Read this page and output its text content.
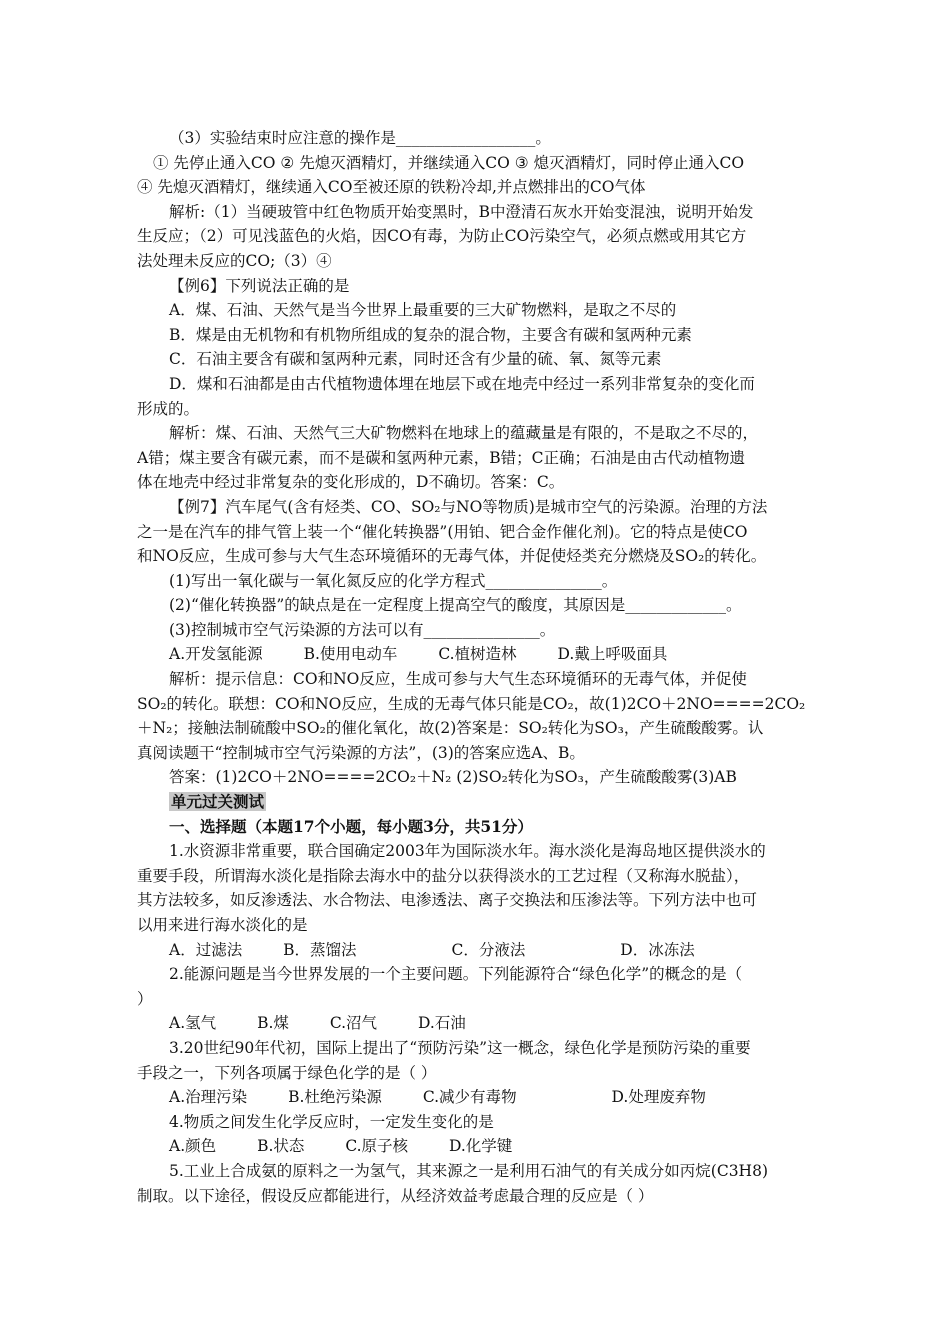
（3）实验结束时应注意的操作是__________________。
① 先停止通入CO ② 先熄灭酒精灯，并继续通入CO ③ 熄灭酒精灯，同时停止通入CO
④ 先熄灭酒精灯，继续通入CO至被还原的铁粉冷却,并点燃排出的CO气体
解析:（1）当硬玻管中红色物质开始变黑时，B中澄清石灰水开始变混浊，说明开始发
生反应；（2）可见浅蓝色的火焰，因CO有毒，为防止CO污染空气，必须点燃或用其它方
法处理未反应的CO;（3）④
【例6】下列说法正确的是
A．煤、石油、天然气是当今世界上最重要的三大矿物燃料，是取之不尽的
B．煤是由无机物和有机物所组成的复杂的混合物，主要含有碳和氢两种元素
C．石油主要含有碳和氢两种元素，同时还含有少量的硫、氧、氮等元素
D．煤和石油都是由古代植物遗体埋在地层下或在地壳中经过一系列非常复杂的变化而
形成的。
解析：煤、石油、天然气三大矿物燃料在地球上的蕴藏量是有限的，不是取之不尽的，
A错；煤主要含有碳元素，而不是碳和氢两种元素，B错；C正确；石油是由古代动植物遗
体在地壳中经过非常复杂的变化形成的，D不确切。答案：C。
【例7】汽车尾气(含有烃类、CO、SO₂与NO等物质)是城市空气的污染源。治理的方法
之一是在汽车的排气管上装一个“催化转换器”(用铂、钯合金作催化剂)。它的特点是使CO
和NO反应，生成可参与大气生态环境循环的无毒气体，并促使烃类充分燃烧及SO₂的转化。
(1)写出一氧化碳与一氧化氮反应的化学方程式_______________。
(2)“催化转换器”的缺点是在一定程度上提高空气的酸度，其原因是_____________。
(3)控制城市空气污染源的方法可以有_______________。
A.开发氢能源	B.使用电动车	C.植树造林	D.戴上呼吸面具
解析：提示信息：CO和NO反应，生成可参与大气生态环境循环的无毒气体，并促使
SO₂的转化。联想：CO和NO反应，生成的无毒气体只能是CO₂，故(1)2CO＋2NO====2CO₂
＋N₂；接触法制硫酸中SO₂的催化氧化，故(2)答案是：SO₂转化为SO₃，产生硫酸酸雾。认
真阅读题干“控制城市空气污染源的方法”，(3)的答案应选A、B。
答案：(1)2CO＋2NO====2CO₂＋N₂ (2)SO₂转化为SO₃，产生硫酸酸雾(3)AB
单元过关测试
一、选择题（本题17个小题，每小题3分，共51分）
1.水资源非常重要，联合国确定2003年为国际淡水年。海水淡化是海岛地区提供淡水的
重要手段，所谓海水淡化是指除去海水中的盐分以获得淡水的工艺过程（又称海水脱盐），
其方法较多，如反渗透法、水合物法、电渗透法、离子交换法和压渗法等。下列方法中也可
以用来进行海水淡化的是
A．过滤法	B．蒸馏法	C．分液法	D．冰冻法
2.能源问题是当今世界发展的一个主要问题。下列能源符合“绿色化学”的概念的是（
）
A.氢气	B.煤	C.沼气	D.石油
3.20世纪90年代初，国际上提出了“预防污染”这一概念，绿色化学是预防污染的重要
手段之一，下列各项属于绿色化学的是（ ）
A.治理污染	B.杜绝污染源	C.减少有毒物	D.处理废弃物
4.物质之间发生化学反应时，一定发生变化的是
A.颜色	B.状态	C.原子核	D.化学键
5.工业上合成氨的原料之一为氢气，其来源之一是利用石油气的有关成分如丙烷(C3H8)
制取。以下途径，假设反应都能进行，从经济效益考虑最合理的反应是（ ）
